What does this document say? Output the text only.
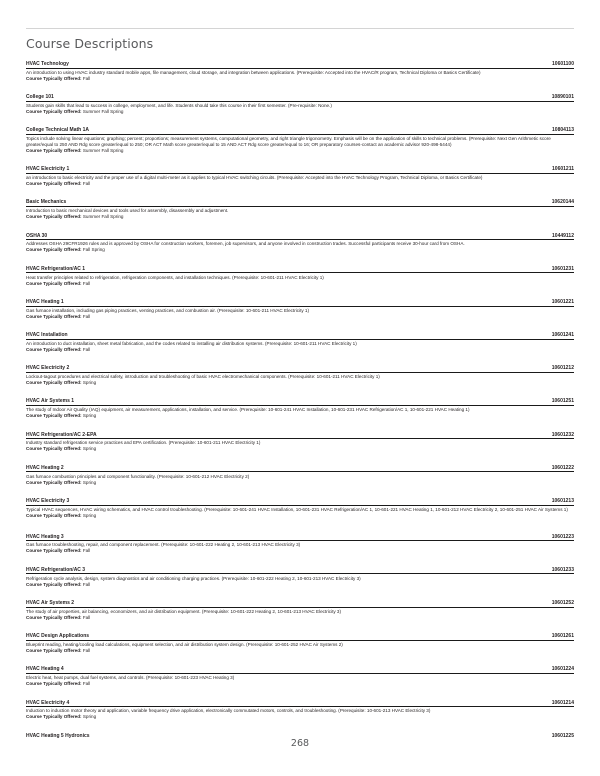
Course Descriptions
HVAC Technology	10601100

An introduction to using HVAC industry standard mobile apps, file management, cloud storage, and integration between applications. (Prerequisite: Accepted into the HVAC/R program, Technical Diploma or Basics Certificate)

Course Typically Offered: Fall

College 101	10890101

Students gain skills that lead to success in college, employment, and life. Students should take this course in their first semester. (Pre-requisite: None.)

Course Typically Offered: Summer Fall Spring

College Technical Math 1A	10804113

Topics include solving linear equations; graphing; percent; proportions; measurement systems, computational geometry, and right triangle trigonometry. Emphasis will be on the application of skills to technical problems. (Prerequisite: Next Gen Arithmetic score greater/equal to 250 AND Rdg score greater/equal to 250; OR ACT Math score greater/equal to 15 AND ACT Rdg score greater/equal to 16; OR preparatory courses-contact an academic advisor 920-498-5444)

Course Typically Offered: Summer Fall Spring

HVAC Electricity 1	10601211

an introduction to basic electricity and the proper use of a digital multi-meter as it applies to typical HVAC switching circuits. (Prerequisite: Accepted into the HVAC Technology Program, Technical Diploma, or Basics Certificate)

Course Typically Offered: Fall

Basic Mechanics	10620144

Introduction to basic mechanical devices and tools used for assembly, disassembly and adjustment.

Course Typically Offered: Summer Fall Spring

OSHA 30	10449112

Addresses OSHA 29CFR1926 rules and is approved by OSHA for construction workers, foremen, job supervisors, and anyone involved in construction trades. Successful participants receive 30-hour card from OSHA.

Course Typically Offered: Fall Spring

HVAC Refrigeration/AC 1	10601231

Heat transfer principles related to refrigeration, refrigeration components, and installation techniques. (Prerequisite: 10-601-211 HVAC Electricity 1)

Course Typically Offered: Fall

HVAC Heating 1	10601221

Gas furnace installation, including gas piping practices, venting practices, and combustion air. (Prerequisite: 10-601-211 HVAC Electricity 1)

Course Typically Offered: Fall

HVAC Installation	10601241

An introduction to duct installation, sheet metal fabrication, and the codes related to installing air distribution systems. (Prerequisite: 10-601-211 HVAC Electricity 1)

Course Typically Offered: Fall

HVAC Electricity 2	10601212

Lockout-tagout procedures and electrical safety, introduction and troubleshooting of basic HVAC electromechanical components. (Prerequisite: 10-601-211 HVAC Electricity 1)

Course Typically Offered: Spring

HVAC Air Systems 1	10601251

The study of Indoor Air Quality (IAQ) equipment, air measurement, applications, installation, and service. (Prerequisite: 10-601-241 HVAC Installation, 10-601-231 HVAC Refrigeration/AC 1, 10-601-221 HVAC Heating 1)

Course Typically Offered: Spring

HVAC Refrigeration/AC 2-EPA	10601232

Industry standard refrigeration service practices and EPA certification. (Prerequisite: 10-601-211 HVAC Electricity 1)

Course Typically Offered: Spring

HVAC Heating 2	10601222

Gas furnace combustion principles and component functionality. (Prerequisite: 10-601-212 HVAC Electricity 2)

Course Typically Offered: Spring

HVAC Electricity 3	10601213

Typical HVAC sequences, HVAC wiring schematics, and HVAC control troubleshooting. (Prerequisite: 10-601-241 HVAC Installation, 10-601-231 HVAC Refrigeration/AC 1, 10-601-221 HVAC Heating 1, 10-601-212 HVAC Electricity 2, 10-601-251 HVAC Air Systems 1)

Course Typically Offered: Spring

HVAC Heating 3	10601223

Gas furnace troubleshooting, repair, and component replacement. (Prerequisite: 10-601-222 Heating 2, 10-601-213 HVAC Electricity 3)

Course Typically Offered: Fall

HVAC Refrigeration/AC 3	10601233

Refrigeration cycle analysis, design, system diagnostics and air conditioning charging practices. (Prerequisite: 10-601-222 Heating 2, 10-601-213 HVAC Electricity 3)

Course Typically Offered: Fall

HVAC Air Systems 2	10601252

The study of air properties, air balancing, economizers, and air distribution equipment. (Prerequisite: 10-601-222 Heating 2, 10-601-213 HVAC Electricity 3)

Course Typically Offered: Fall

HVAC Design Applications	10601261

Blueprint reading, heating/cooling load calculations, equipment selection, and air distribution system design. (Prerequisite: 10-601-252 HVAC Air Systems 2)

Course Typically Offered: Fall

HVAC Heating 4	10601224

Electric heat, heat pumps, dual fuel systems, and controls. (Prerequisite: 10-601-223 HVAC Heating 3)

Course Typically Offered: Fall

HVAC Electricity 4	10601214

Induction to induction motor theory and application, variable frequency drive application, electronically commutated motors, controls, and troubleshooting. (Prerequisite: 10-601-213 HVAC Electricity 3)

Course Typically Offered: Spring

HVAC Heating 5 Hydronics	10601225
268
